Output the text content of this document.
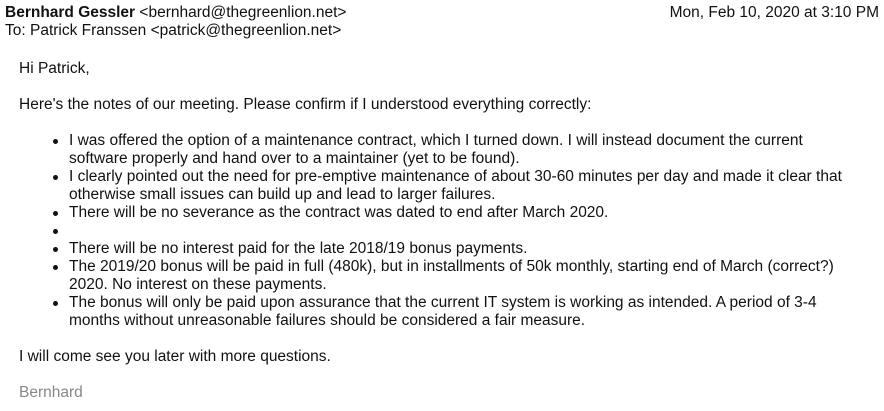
Bernhard Gessler <bernhard@thegreenlion.net>	Mon, Feb 10, 2020 at 3:10 PM
To: Patrick Franssen <patrick@thegreenlion.net>

Hi Patrick,

Here's the notes of our meeting. Please confirm if I understood everything correctly:

I was offered the option of a maintenance contract, which I turned down. I will instead document the current software properly and hand over to a maintainer (yet to be found).
I clearly pointed out the need for pre-emptive maintenance of about 30-60 minutes per day and made it clear that otherwise small issues can build up and lead to larger failures.
There will be no severance as the contract was dated to end after March 2020.
There will be no interest paid for the late 2018/19 bonus payments.
The 2019/20 bonus will be paid in full (480k), but in installments of 50k monthly, starting end of March (correct?) 2020. No interest on these payments.
The bonus will only be paid upon assurance that the current IT system is working as intended. A period of 3-4 months without unreasonable failures should be considered a fair measure.

I will come see you later with more questions.

Bernhard
